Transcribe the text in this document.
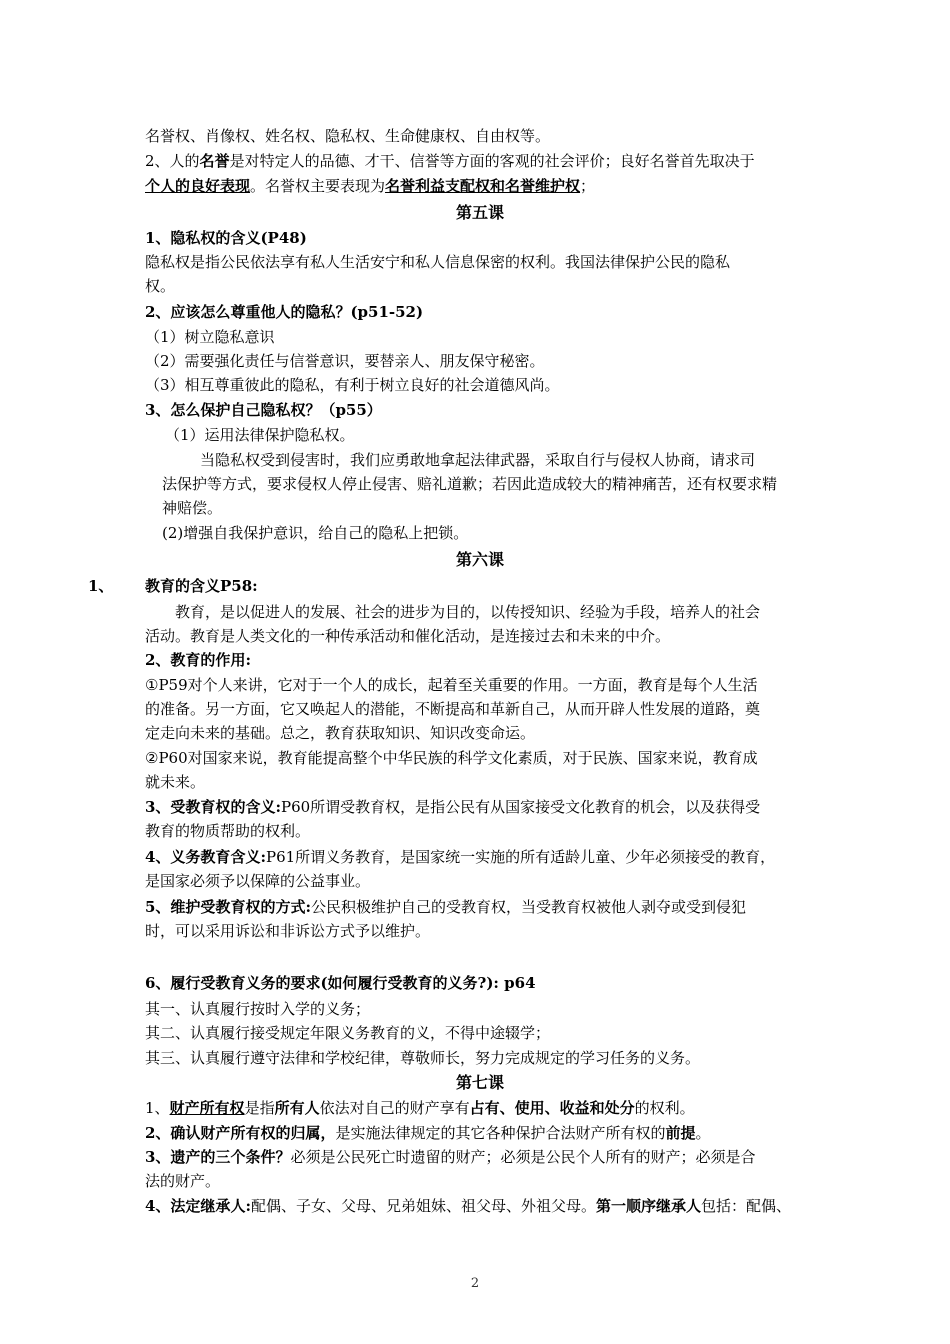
名誉权、肖像权、姓名权、隐私权、生命健康权、自由权等。
2、人的名誉是对特定人的品德、才干、信誉等方面的客观的社会评价；良好名誉首先取决于
个人的良好表现。名誉权主要表现为名誉利益支配权和名誉维护权；
第五课
1、隐私权的含义(P48)
隐私权是指公民依法享有私人生活安宁和私人信息保密的权利。我国法律保护公民的隐私
权。
2、应该怎么尊重他人的隐私？(p51-52)
（1）树立隐私意识
（2）需要强化责任与信誉意识，要替亲人、朋友保守秘密。
（3）相互尊重彼此的隐私，有利于树立良好的社会道德风尚。
3、怎么保护自己隐私权？（p55）
（1）运用法律保护隐私权。
当隐私权受到侵害时，我们应勇敢地拿起法律武器，采取自行与侵权人协商，请求司
法保护等方式，要求侵权人停止侵害、赔礼道歉；若因此造成较大的精神痛苦，还有权要求精
神赔偿。
(2)增强自我保护意识，给自己的隐私上把锁。
第六课
1、 教育的含义P58:
教育，是以促进人的发展、社会的进步为目的，以传授知识、经验为手段，培养人的社会
活动。教育是人类文化的一种传承活动和催化活动，是连接过去和未来的中介。
2、教育的作用:
①P59对个人来讲，它对于一个人的成长，起着至关重要的作用。一方面，教育是每个人生活
的准备。另一方面，它又唤起人的潜能，不断提高和革新自己，从而开辟人性发展的道路，奠
定走向未来的基础。总之，教育获取知识、知识改变命运。
②P60对国家来说，教育能提高整个中华民族的科学文化素质，对于民族、国家来说，教育成
就未来。
3、受教育权的含义:P60所谓受教育权，是指公民有从国家接受文化教育的机会，以及获得受
教育的物质帮助的权利。
4、义务教育含义:P61所谓义务教育，是国家统一实施的所有适龄儿童、少年必须接受的教育，
是国家必须予以保障的公益事业。
5、维护受教育权的方式:公民积极维护自己的受教育权，当受教育权被他人剥夺或受到侵犯
时，可以采用诉讼和非诉讼方式予以维护。
6、履行受教育义务的要求(如何履行受教育的义务?): p64
其一、认真履行按时入学的义务；
其二、认真履行接受规定年限义务教育的义，不得中途辍学；
其三、认真履行遵守法律和学校纪律，尊敬师长，努力完成规定的学习任务的义务。
第七课
1、财产所有权是指所有人依法对自己的财产享有占有、使用、收益和处分的权利。
2、确认财产所有权的归属，是实施法律规定的其它各种保护合法财产所有权的前提。
3、遗产的三个条件？必须是公民死亡时遗留的财产；必须是公民个人所有的财产；必须是合
法的财产。
4、法定继承人:配偶、子女、父母、兄弟姐妹、祖父母、外祖父母。第一顺序继承人包括：配偶、
2
